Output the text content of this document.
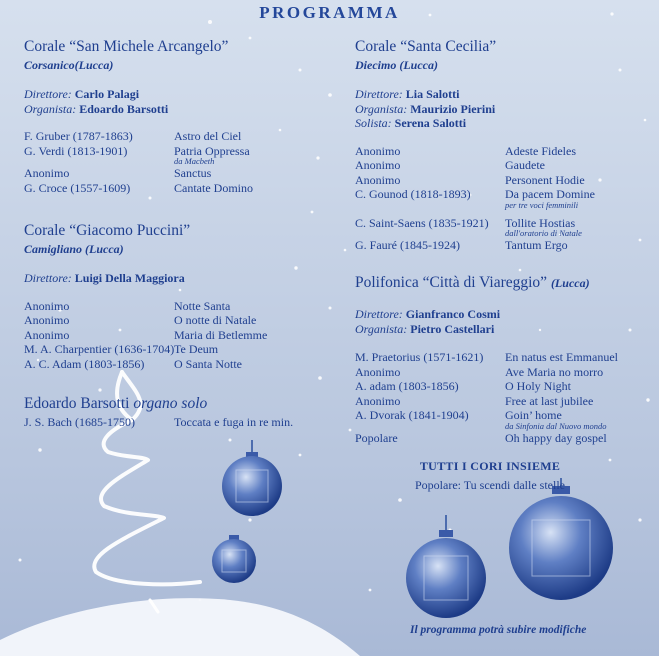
PROGRAMMA
Corale “San Michele Arcangelo”
Corsanico(Lucca)
Direttore: Carlo Palagi
Organista: Edoardo Barsotti
F. Gruber (1787-1863)	Astro del Ciel
G. Verdi (1813-1901)	Patria Oppressa
da Macbeth
Anonimo	Sanctus
G. Croce (1557-1609)	Cantate Domino
Corale “Giacomo Puccini”
Camigliano (Lucca)
Direttore: Luigi Della Maggiora
Anonimo	Notte Santa
Anonimo	O notte di Natale
Anonimo	Maria di Betlemme
M. A. Charpentier (1636-1704) Te Deum
A. C. Adam (1803-1856) O Santa Notte
Edoardo Barsotti organo solo
J. S. Bach (1685-1750)	Toccata e fuga in re min.
Corale “Santa Cecilia”
Diecimo (Lucca)
Direttore: Lia Salotti
Organista: Maurizio Pierini
Solista: Serena Salotti
Anonimo	Adeste Fideles
Anonimo	Gaudete
Anonimo	Personent Hodie
C. Gounod (1818-1893)	Da pacem Domine
per tre voci femminili
C. Saint-Saens (1835-1921) Tollite Hostias
dall'oratorio di Natale
G. Fauré (1845-1924)	Tantum Ergo
Polifonica “Città di Viareggio” (Lucca)
Direttore: Gianfranco Cosmi
Organista: Pietro Castellari
M. Praetorius (1571-1621) En natus est Emmanuel
Anonimo	Ave Maria no morro
A. adam (1803-1856)	O Holy Night
Anonimo	Free at last jubilee
A. Dvorak (1841-1904)	Goin’ home
da Sinfonia dal Nuovo mondo
Popolare	Oh happy day gospel
TUTTI I CORI INSIEME
Popolare: Tu scendi dalle stelle
Il programma potrà subire modifiche
